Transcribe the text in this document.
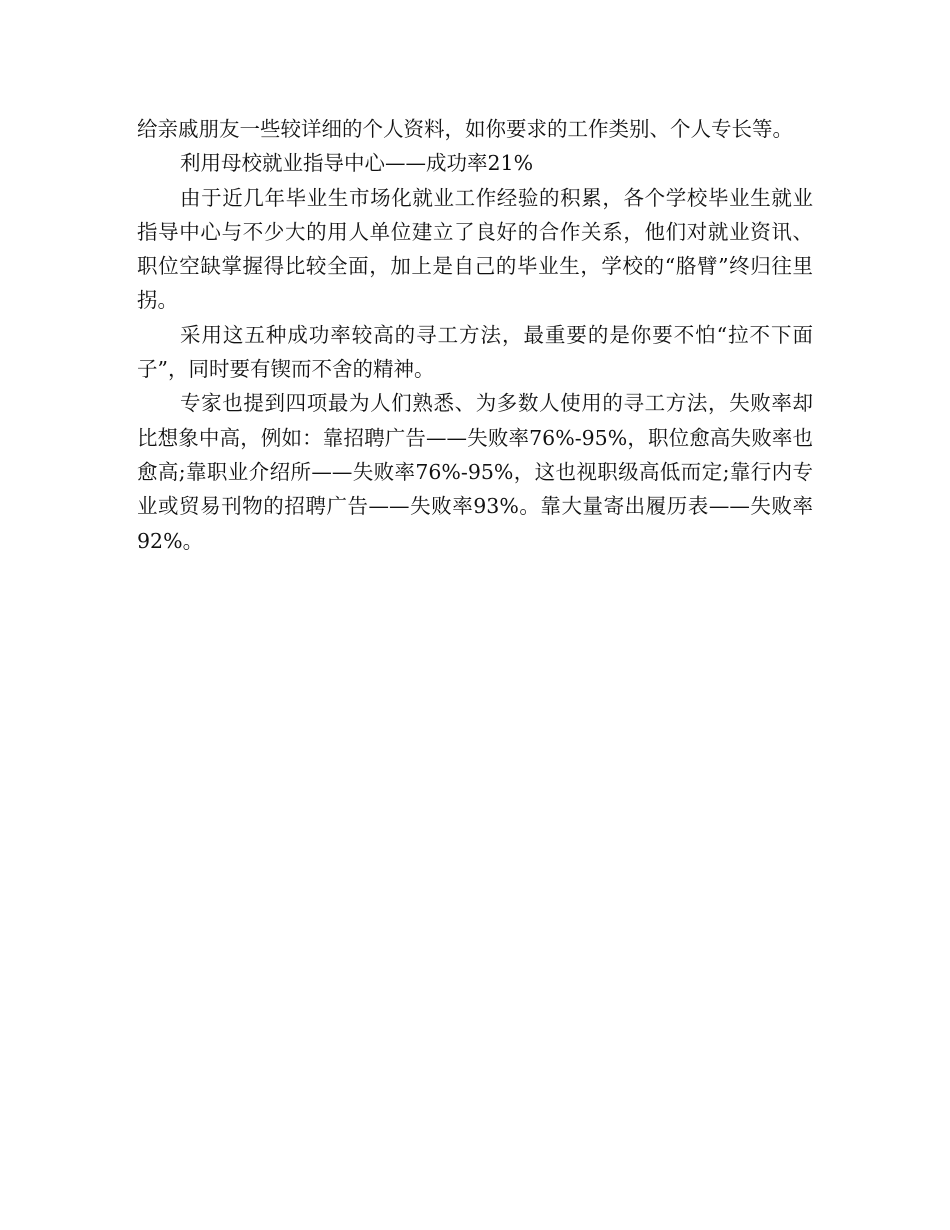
给亲戚朋友一些较详细的个人资料，如你要求的工作类别、个人专长等。

利用母校就业指导中心——成功率21%

由于近几年毕业生市场化就业工作经验的积累，各个学校毕业生就业指导中心与不少大的用人单位建立了良好的合作关系，他们对就业资讯、职位空缺掌握得比较全面，加上是自己的毕业生，学校的“胳臂”终归往里拐。

采用这五种成功率较高的寻工方法，最重要的是你要不怕“拉不下面子”，同时要有锲而不舍的精神。

专家也提到四项最为人们熟悉、为多数人使用的寻工方法，失败率却比想象中高，例如：靠招聘广告——失败率76%-95%，职位愈高失败率也愈高;靠职业介绍所——失败率76%-95%，这也视职级高低而定;靠行内专业或贸易刊物的招聘广告——失败率93%。靠大量寄出履历表——失败率92%。
